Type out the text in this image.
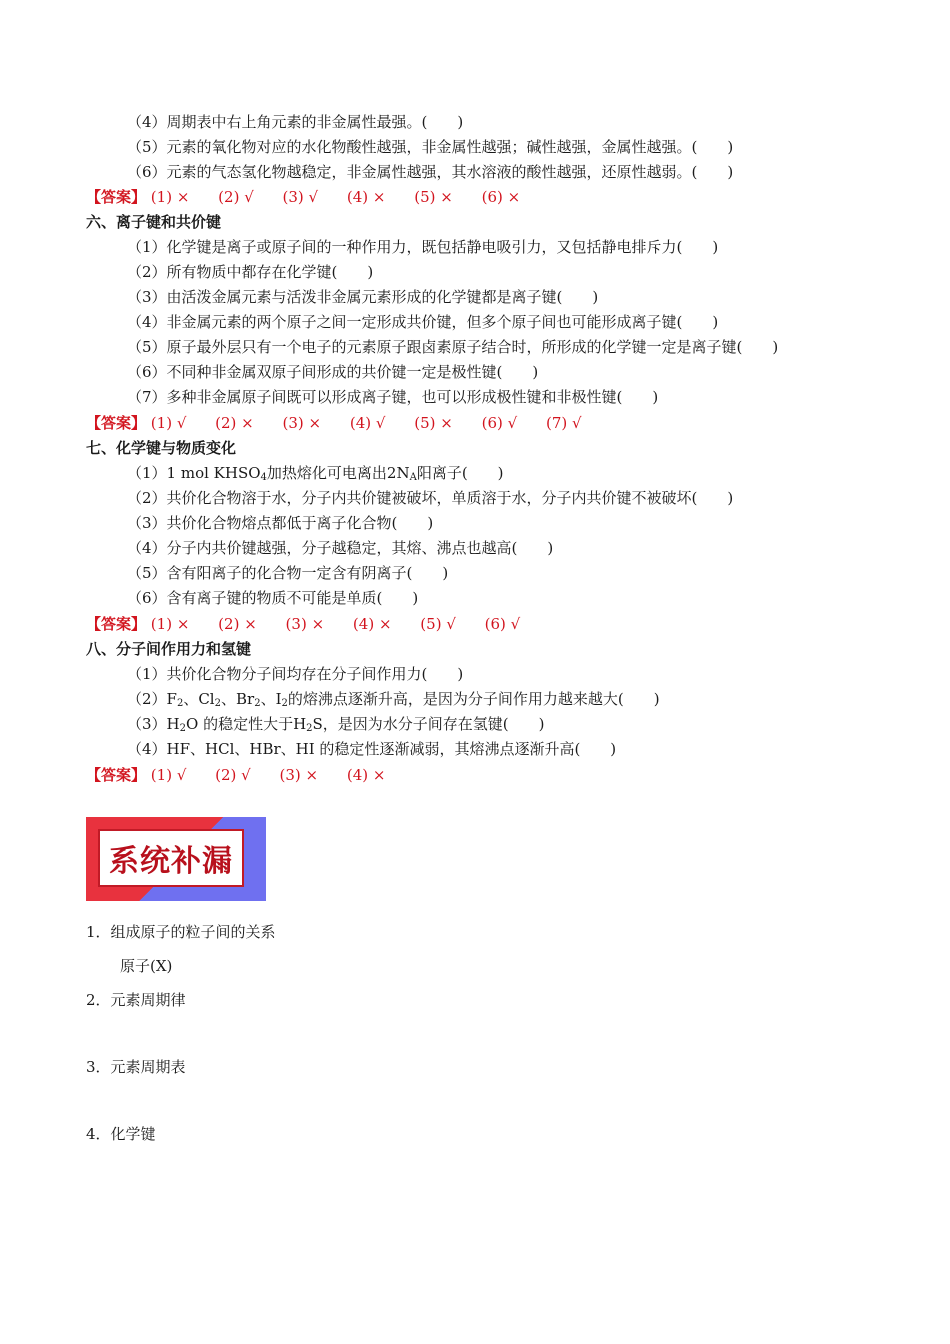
（4）周期表中右上角元素的非金属性最强。(　　)
（5）元素的氧化物对应的水化物酸性越强，非金属性越强；碱性越强，金属性越强。(　　)
（6）元素的气态氢化物越稳定，非金属性越强，其水溶液的酸性越强，还原性越弱。(　　)
【答案】 (1) × (2) √ (3) √ (4) × (5) × (6) ×
六、离子键和共价键
（1）化学键是离子或原子间的一种作用力，既包括静电吸引力，又包括静电排斥力(　　)
（2）所有物质中都存在化学键(　　)
（3）由活泼金属元素与活泼非金属元素形成的化学键都是离子键(　　)
（4）非金属元素的两个原子之间一定形成共价键，但多个原子间也可能形成离子键(　　)
（5）原子最外层只有一个电子的元素原子跟卤素原子结合时，所形成的化学键一定是离子键(　　)
（6）不同种非金属双原子间形成的共价键一定是极性键(　　)
（7）多种非金属原子间既可以形成离子键，也可以形成极性键和非极性键(　　)
【答案】 (1) √ (2) × (3) × (4) √ (5) × (6) √ (7) √
七、化学键与物质变化
（1）1 mol $KHSO_4$加热熔化可电离出$2N_A$阳离子(　　)
（2）共价化合物溶于水，分子内共价键被破坏，单质溶于水，分子内共价键不被破坏(　　)
（3）共价化合物熔点都低于离子化合物(　　)
（4）分子内共价键越强，分子越稳定，其熔、沸点也越高(　　)
（5）含有阳离子的化合物一定含有阴离子(　　)
（6）含有离子键的物质不可能是单质(　　)
【答案】 (1) × (2) × (3) × (4) × (5) √ (6) √
八、分子间作用力和氢键
（1）共价化合物分子间均存在分子间作用力(　　)
$(2)F_2$、$Cl_2$、$Br_2$、$I_2$的熔沸点逐渐升高，是因为分子间作用力越来越大(　　)
$(3)H_2O$ 的稳定性大于$H_2S$，是因为水分子间存在氢键(　　)
（4）HF、HCl、HBr、HI 的稳定性逐渐减弱，其熔沸点逐渐升高(　　)
【答案】 (1) √ (2) √ (3) × (4) ×
系统补漏
1．组成原子的粒子间的关系
原子(X)
2．元素周期律
3．元素周期表
4．化学键
